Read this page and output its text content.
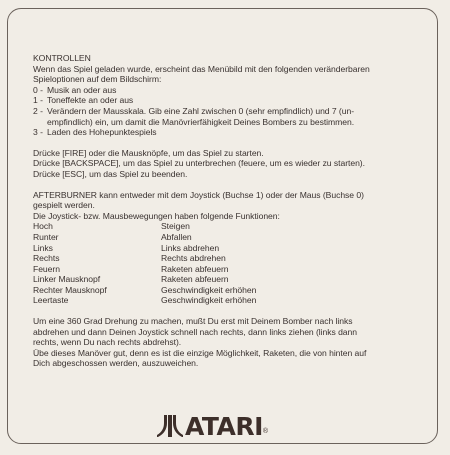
KONTROLLEN
Wenn das Spiel geladen wurde, erscheint das Menübild mit den folgenden veränderbaren
Spieloptionen auf dem Bildschirm:
0 - Musik an oder aus
1 - Toneffekte an oder aus
2 - Verändern der Mausskala. Gib eine Zahl zwischen 0 (sehr empfindlich) und 7 (un-
empfindlich) ein, um damit die Manövrierfähigkeit Deines Bombers zu bestimmen.
3 - Laden des Hohepunktespiels
Drücke [FIRE] oder die Mausknöpfe, um das Spiel zu starten.
Drücke [BACKSPACE], um das Spiel zu unterbrechen (feuere, um es wieder zu starten).
Drücke [ESC], um das Spiel zu beenden.
AFTERBURNER kann entweder mit dem Joystick (Buchse 1) oder der Maus (Buchse 0)
gespielt werden.
Die Joystick- bzw. Mausbewegungen haben folgende Funktionen:
Hoch	Steigen
Runter	Abfallen
Links	Links abdrehen
Rechts	Rechts abdrehen
Feuern	Raketen abfeuern
Linker Mausknopf	Raketen abfeuern
Rechter Mausknopf	Geschwindigkeit erhöhen
Leertaste	Geschwindigkeit erhöhen
Um eine 360 Grad Drehung zu machen, mußt Du erst mit Deinem Bomber nach links
abdrehen und dann Deinen Joystick schnell nach rechts, dann links ziehen (links dann
rechts, wenn Du nach rechts abdrehst).
Übe dieses Manöver gut, denn es ist die einzige Möglichkeit, Raketen, die von hinten auf
Dich abgeschossen werden, auszuweichen.
ATARI ®
